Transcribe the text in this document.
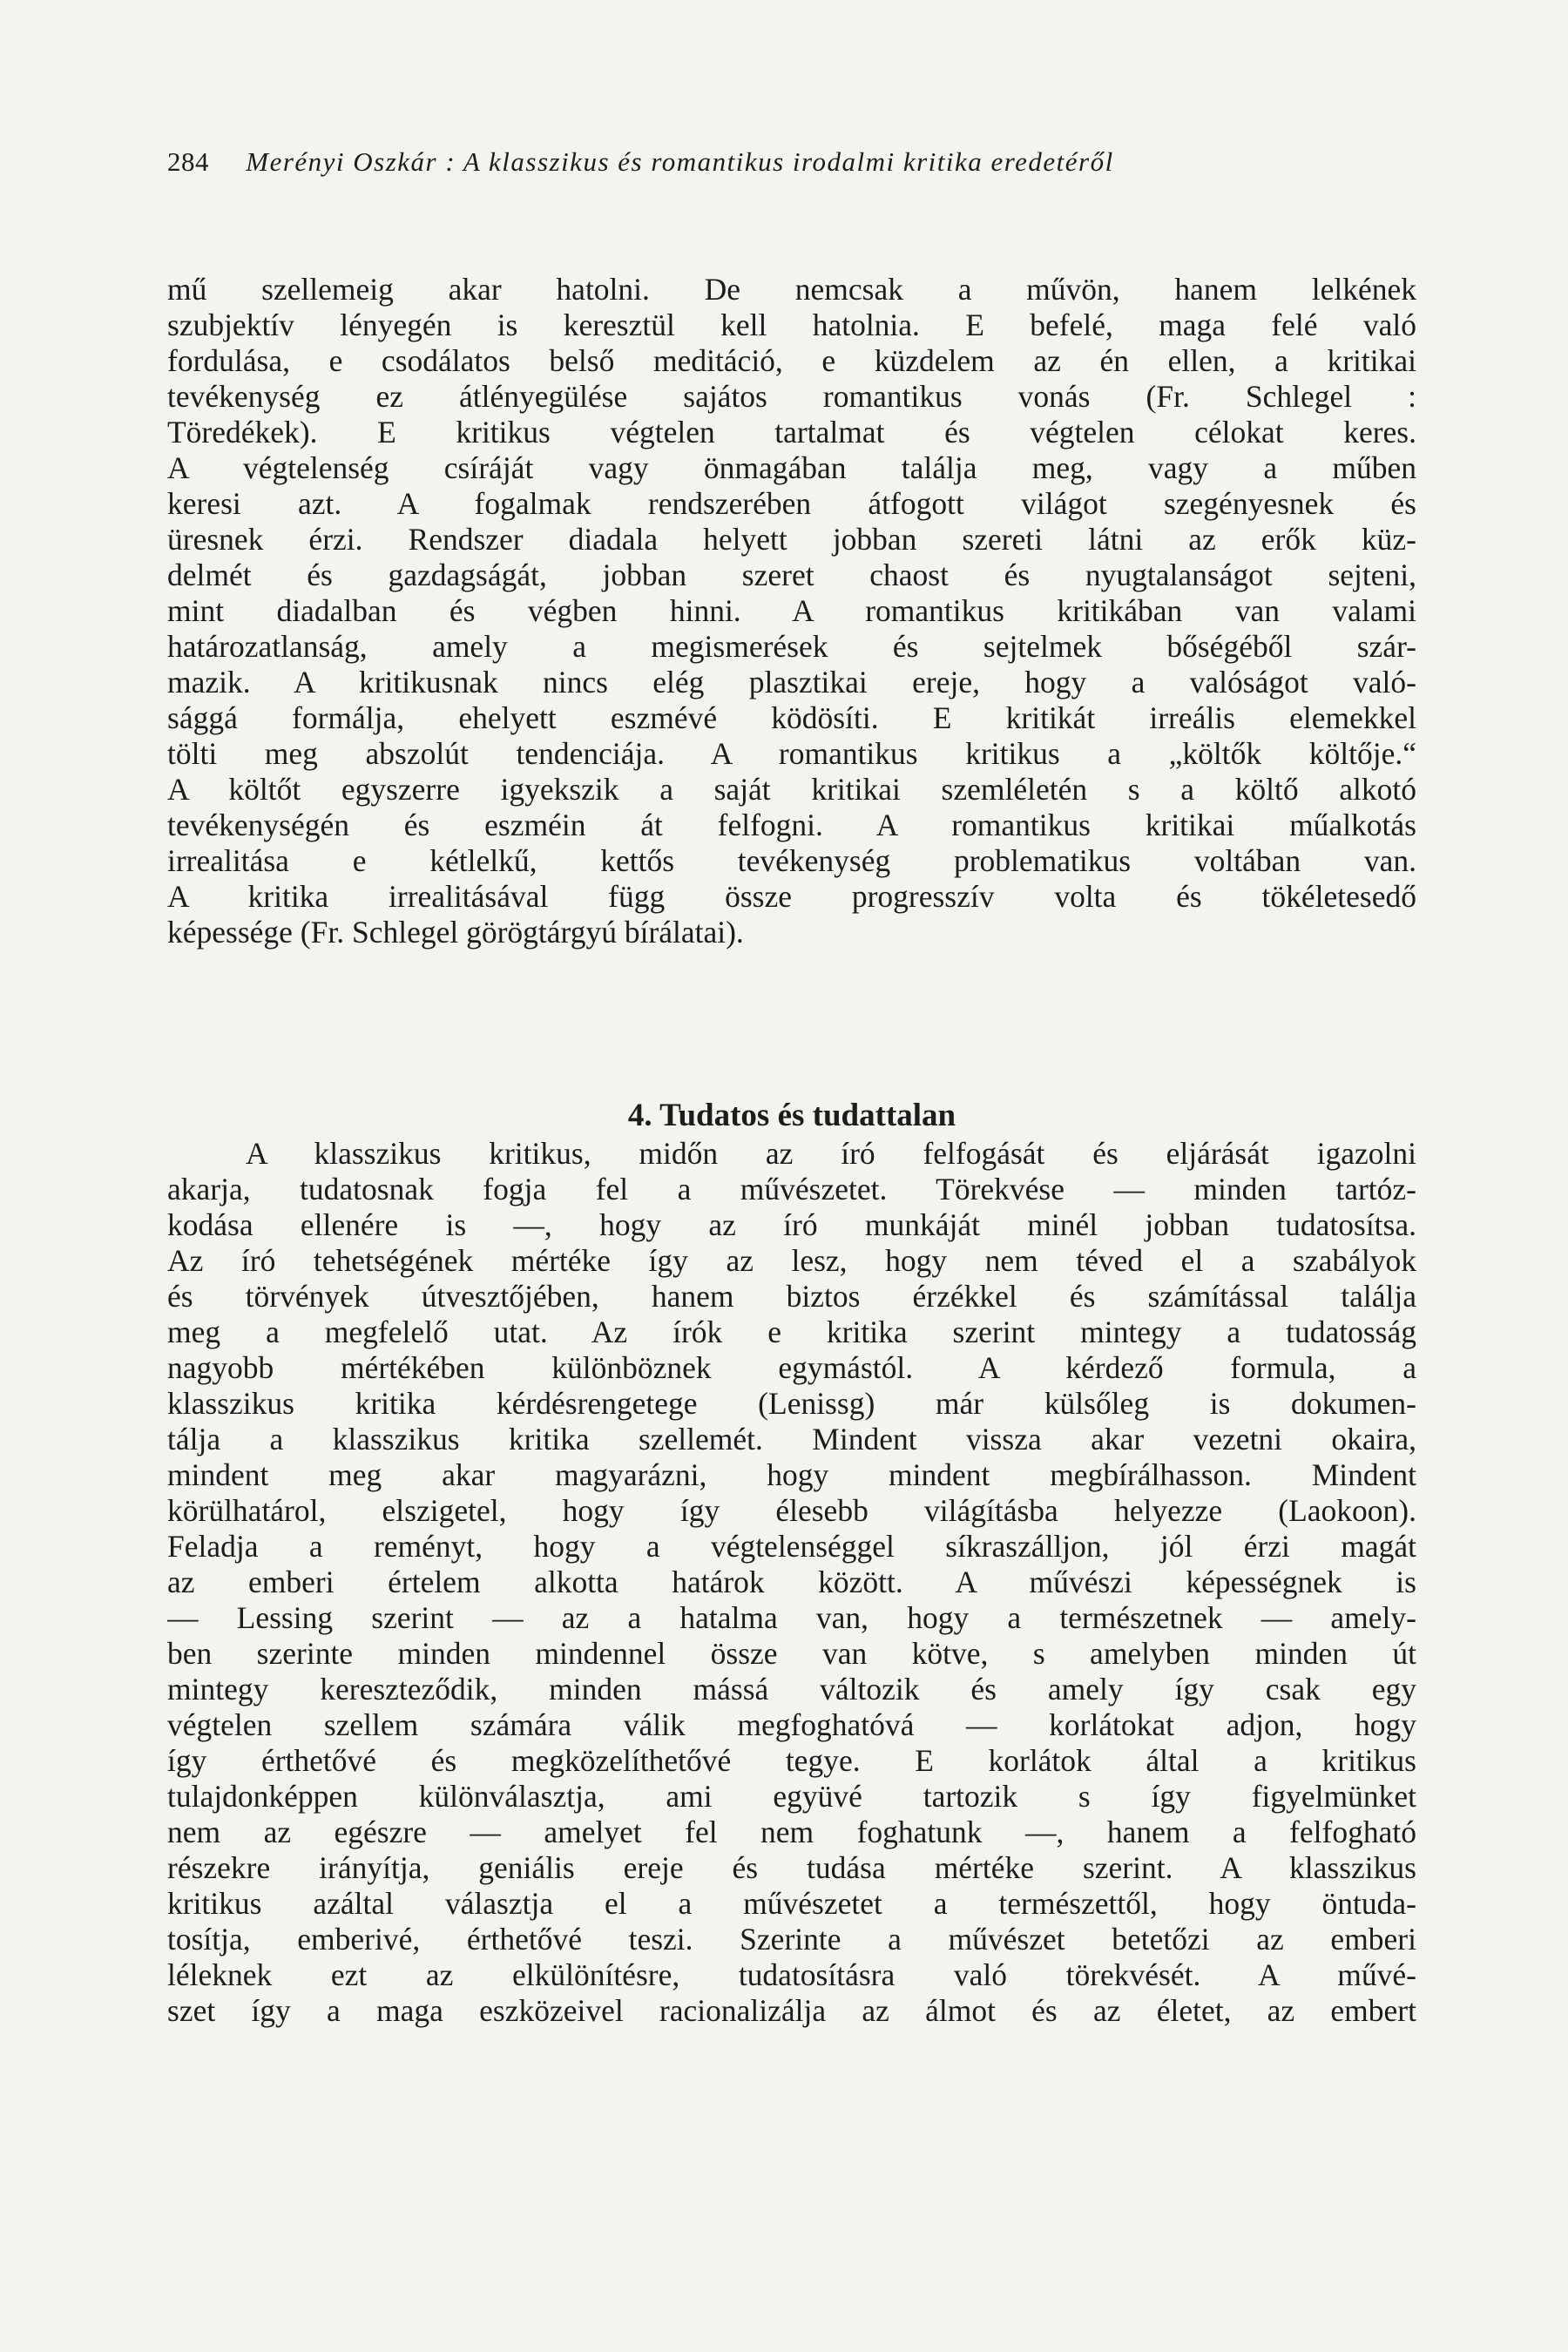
284 Merényi Oszkár : A klasszikus és romantikus irodalmi kritika eredetéről
mű szellemeig akar hatolni. De nemcsak a művön, hanem lelkének
szubjektív lényegén is keresztül kell hatolnia. E befelé, maga felé való
fordulása, e csodálatos belső meditáció, e küzdelem az én ellen, a kritikai
tevékenység ez átlényegülése sajátos romantikus vonás (Fr. Schlegel :
Töredékek). E kritikus végtelen tartalmat és végtelen célokat keres.
A végtelenség csíráját vagy önmagában találja meg, vagy a műben
keresi azt. A fogalmak rendszerében átfogott világot szegényesnek és
üresnek érzi. Rendszer diadala helyett jobban szereti látni az erők küz-
delmét és gazdagságát, jobban szeret chaost és nyugtalanságot sejteni,
mint diadalban és végben hinni. A romantikus kritikában van valami
határozatlanság, amely a megismerések és sejtelmek bőségéből szár-
mazik. A kritikusnak nincs elég plasztikai ereje, hogy a valóságot való-
sággá formálja, ehelyett eszmévé ködösíti. E kritikát irreális elemekkel
tölti meg abszolút tendenciája. A romantikus kritikus a „költők költője.“
A költőt egyszerre igyekszik a saját kritikai szemléletén s a költő alkotó
tevékenységén és eszméin át felfogni. A romantikus kritikai műalkotás
irrealitása e kétlelkű, kettős tevékenység problematikus voltában van.
A kritika irrealitásával függ össze progresszív volta és tökéletesedő
képessége (Fr. Schlegel görögtárgyú bírálatai).
4. Tudatos és tudattalan
A klasszikus kritikus, midőn az író felfogását és eljárását igazolni
akarja, tudatosnak fogja fel a művészetet. Törekvése — minden tartóz-
kodása ellenére is —, hogy az író munkáját minél jobban tudatosítsa.
Az író tehetségének mértéke így az lesz, hogy nem téved el a szabályok
és törvények útvesztőjében, hanem biztos érzékkel és számítással találja
meg a megfelelő utat. Az írók e kritika szerint mintegy a tudatosság
nagyobb mértékében különböznek egymástól. A kérdező formula, a
klasszikus kritika kérdésrengetege (Lenissg) már külsőleg is dokumen-
tálja a klasszikus kritika szellemét. Mindent vissza akar vezetni okaira,
mindent meg akar magyarázni, hogy mindent megbírálhasson. Mindent
körülhatárol, elszigetel, hogy így élesebb világításba helyezze (Laokoon).
Feladja a reményt, hogy a végtelenséggel síkraszálljon, jól érzi magát
az emberi értelem alkotta határok között. A művészi képességnek is
— Lessing szerint — az a hatalma van, hogy a természetnek — amely-
ben szerinte minden mindennel össze van kötve, s amelyben minden út
mintegy kereszteződik, minden mássá változik és amely így csak egy
végtelen szellem számára válik megfoghatóvá — korlátokat adjon, hogy
így érthetővé és megközelíthetővé tegye. E korlátok által a kritikus
tulajdonképpen különválasztja, ami együvé tartozik s így figyelmünket
nem az egészre — amelyet fel nem foghatunk —, hanem a felfogható
részekre irányítja, geniális ereje és tudása mértéke szerint. A klasszikus
kritikus azáltal választja el a művészetet a természettől, hogy öntuda-
tosítja, emberivé, érthetővé teszi. Szerinte a művészet betetőzi az emberi
léleknek ezt az elkülönítésre, tudatosításra való törekvését. A művé-
szet így a maga eszközeivel racionalizálja az álmot és az életet, az embert
